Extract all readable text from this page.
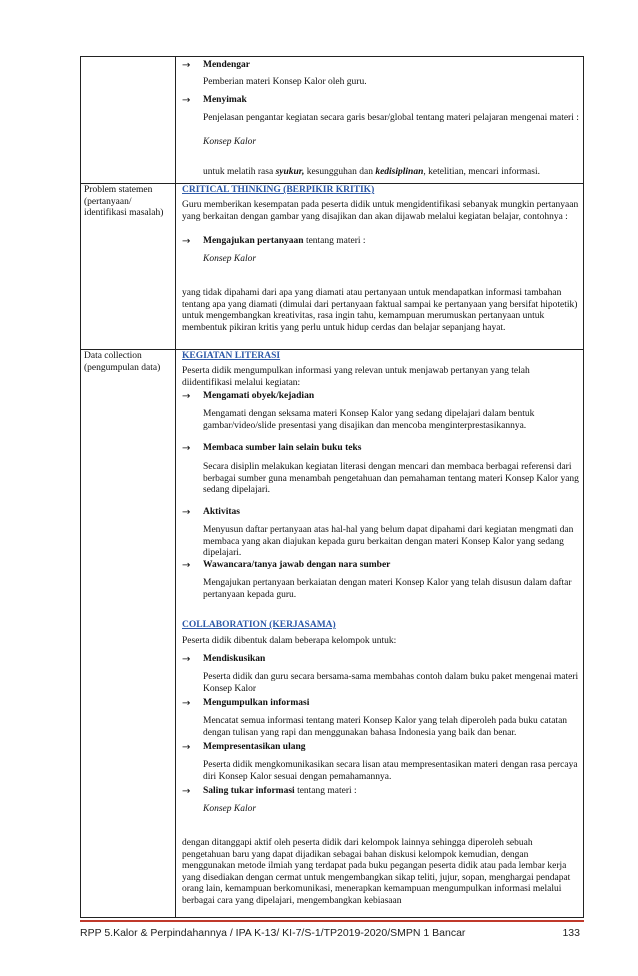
→ Mendengar
Pemberian materi Konsep Kalor oleh guru.
→ Menyimak
Penjelasan pengantar kegiatan secara garis besar/global tentang materi pelajaran mengenai materi :
Konsep Kalor
untuk melatih rasa syukur, kesungguhan dan kedisiplinan, ketelitian, mencari informasi.
Problem statemen (pertanyaan/ identifikasi masalah)
CRITICAL THINKING (BERPIKIR KRITIK)
Guru memberikan kesempatan pada peserta didik untuk mengidentifikasi sebanyak mungkin pertanyaan yang berkaitan dengan gambar yang disajikan dan akan dijawab melalui kegiatan belajar, contohnya :
→ Mengajukan pertanyaan tentang materi :
Konsep Kalor
yang tidak dipahami dari apa yang diamati atau pertanyaan untuk mendapatkan informasi tambahan tentang apa yang diamati (dimulai dari pertanyaan faktual sampai ke pertanyaan yang bersifat hipotetik) untuk mengembangkan kreativitas, rasa ingin tahu, kemampuan merumuskan pertanyaan untuk membentuk pikiran kritis yang perlu untuk hidup cerdas dan belajar sepanjang hayat.
Data collection (pengumpulan data)
KEGIATAN LITERASI
Peserta didik mengumpulkan informasi yang relevan untuk menjawab pertanyan yang telah diidentifikasi melalui kegiatan:
→ Mengamati obyek/kejadian
Mengamati dengan seksama materi Konsep Kalor yang sedang dipelajari dalam bentuk gambar/video/slide presentasi yang disajikan dan mencoba menginterprestasikannya.
→ Membaca sumber lain selain buku teks
Secara disiplin melakukan kegiatan literasi dengan mencari dan membaca berbagai referensi dari berbagai sumber guna menambah pengetahuan dan pemahaman tentang materi Konsep Kalor yang sedang dipelajari.
→ Aktivitas
Menyusun daftar pertanyaan atas hal-hal yang belum dapat dipahami dari kegiatan mengmati dan membaca yang akan diajukan kepada guru berkaitan dengan materi Konsep Kalor yang sedang dipelajari.
→ Wawancara/tanya jawab dengan nara sumber
Mengajukan pertanyaan berkaiatan dengan materi Konsep Kalor yang telah disusun dalam daftar pertanyaan kepada guru.
COLLABORATION (KERJASAMA)
Peserta didik dibentuk dalam beberapa kelompok untuk:
→ Mendiskusikan
Peserta didik dan guru secara bersama-sama membahas contoh dalam buku paket mengenai materi Konsep Kalor
→ Mengumpulkan informasi
Mencatat semua informasi tentang materi Konsep Kalor yang telah diperoleh pada buku catatan dengan tulisan yang rapi dan menggunakan bahasa Indonesia yang baik dan benar.
→ Mempresentasikan ulang
Peserta didik mengkomunikasikan secara lisan atau mempresentasikan materi dengan rasa percaya diri Konsep Kalor sesuai dengan pemahamannya.
→ Saling tukar informasi tentang materi :
Konsep Kalor
dengan ditanggapi aktif oleh peserta didik dari kelompok lainnya sehingga diperoleh sebuah pengetahuan baru yang dapat dijadikan sebagai bahan diskusi kelompok kemudian, dengan menggunakan metode ilmiah yang terdapat pada buku pegangan peserta didik atau pada lembar kerja yang disediakan dengan cermat untuk mengembangkan sikap teliti, jujur, sopan, menghargai pendapat orang lain, kemampuan berkomunikasi, menerapkan kemampuan mengumpulkan informasi melalui berbagai cara yang dipelajari, mengembangkan kebiasaan
RPP 5.Kalor & Perpindahannya / IPA K-13/ KI-7/S-1/TP2019-2020/SMPN 1 Bancar	133
